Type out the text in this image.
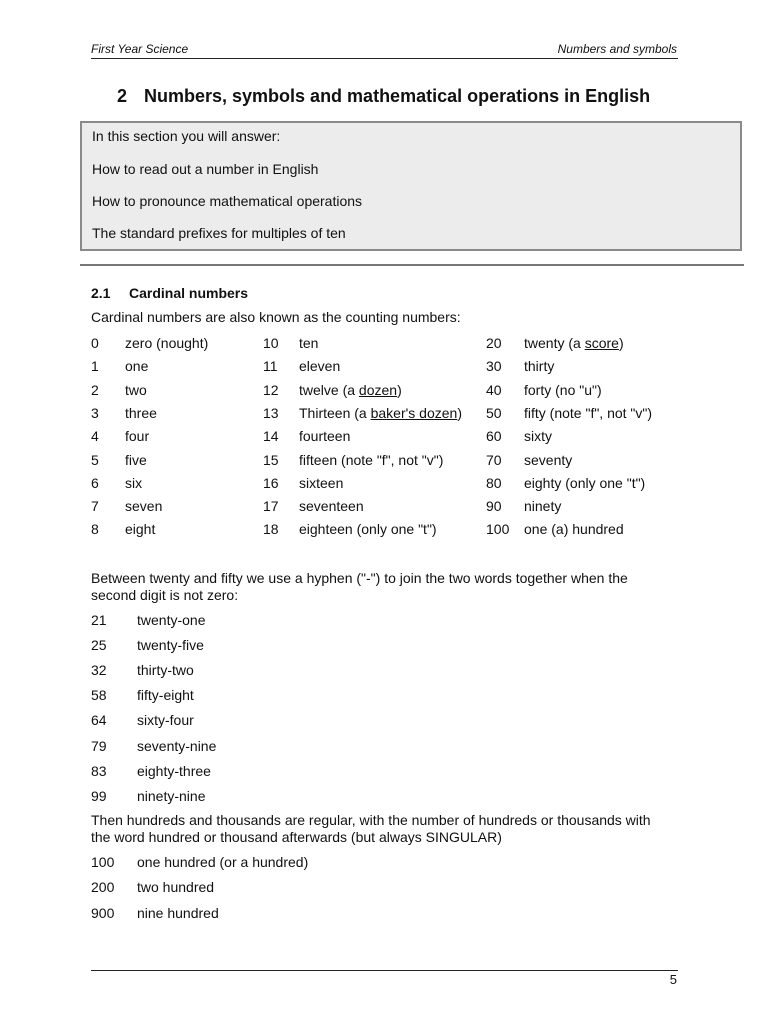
First Year Science	Numbers and symbols
2 Numbers, symbols and mathematical operations in English
In this section you will answer:
How to read out a number in English
How to pronounce mathematical operations
The standard prefixes for multiples of ten
2.1 Cardinal numbers
Cardinal numbers are also known as the counting numbers:
0 zero (nought)	10 ten	20 twenty (a score)
1 one	11 eleven	30 thirty
2 two	12 twelve (a dozen)	40 forty (no "u")
3 three	13 Thirteen (a baker's dozen) 50 fifty (note "f", not "v")
4 four	14 fourteen	60 sixty
5 five	15 fifteen (note "f", not "v")	70 seventy
6 six	16 sixteen	80 eighty (only one "t")
7 seven	17 seventeen	90 ninety
8 eight	18 eighteen (only one "t")	100 one (a) hundred
Between twenty and fifty we use a hyphen ("-") to join the two words together when the
second digit is not zero:
21 twenty-one
25 twenty-five
32 thirty-two
58 fifty-eight
64 sixty-four
79 seventy-nine
83 eighty-three
99 ninety-nine
Then hundreds and thousands are regular, with the number of hundreds or thousands with
the word hundred or thousand afterwards (but always SINGULAR)
100 one hundred (or a hundred)
200 two hundred
900 nine hundred
5
